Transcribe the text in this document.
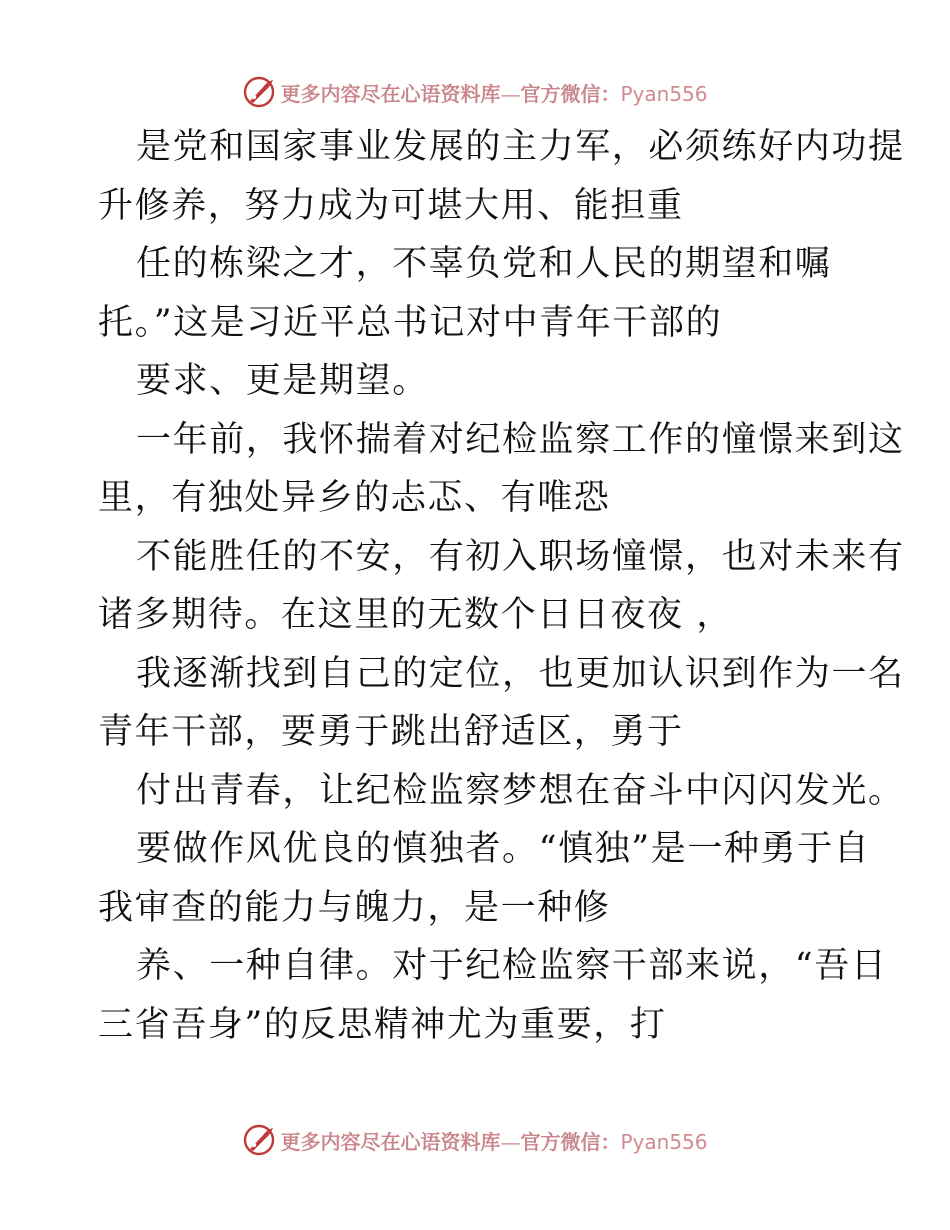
更多内容尽在心语资料库—官方微信：Pyan556
是党和国家事业发展的主力军，必须练好内功提
升修养，努力成为可堪大用、能担重
任的栋梁之才，不辜负党和人民的期望和嘱
托。”这是习近平总书记对中青年干部的
要求、更是期望。
一年前，我怀揣着对纪检监察工作的憧憬来到这
里，有独处异乡的忐忑、有唯恐
不能胜任的不安，有初入职场憧憬，也对未来有
诸多期待。在这里的无数个日日夜夜 ，
我逐渐找到自己的定位，也更加认识到作为一名
青年干部，要勇于跳出舒适区，勇于
付出青春，让纪检监察梦想在奋斗中闪闪发光。
要做作风优良的慎独者。“慎独”是一种勇于自
我审查的能力与魄力，是一种修
养、一种自律。对于纪检监察干部来说，“吾日
三省吾身”的反思精神尤为重要，打
更多内容尽在心语资料库—官方微信：Pyan556
